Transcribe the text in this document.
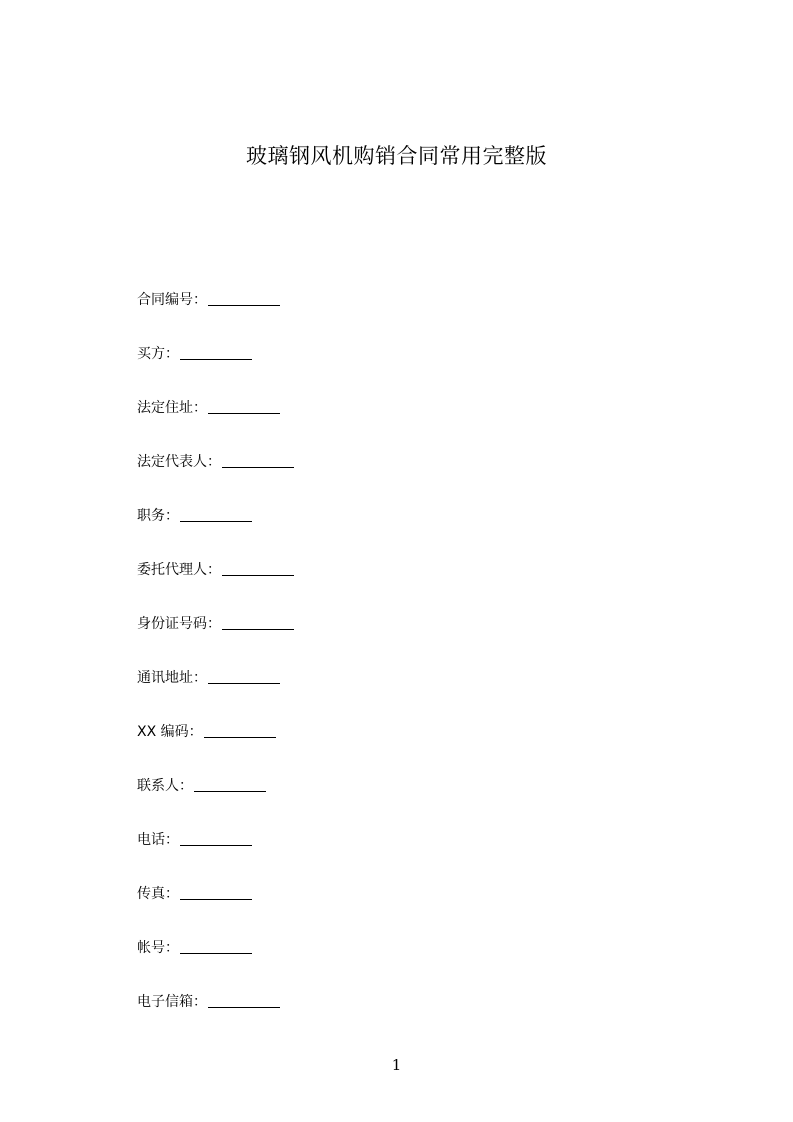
玻璃钢风机购销合同常用完整版
合同编号：
买方：
法定住址：
法定代表人：
职务：
委托代理人：
身份证号码：
通讯地址：
XX 编码：
联系人：
电话：
传真：
帐号：
电子信箱：
1
